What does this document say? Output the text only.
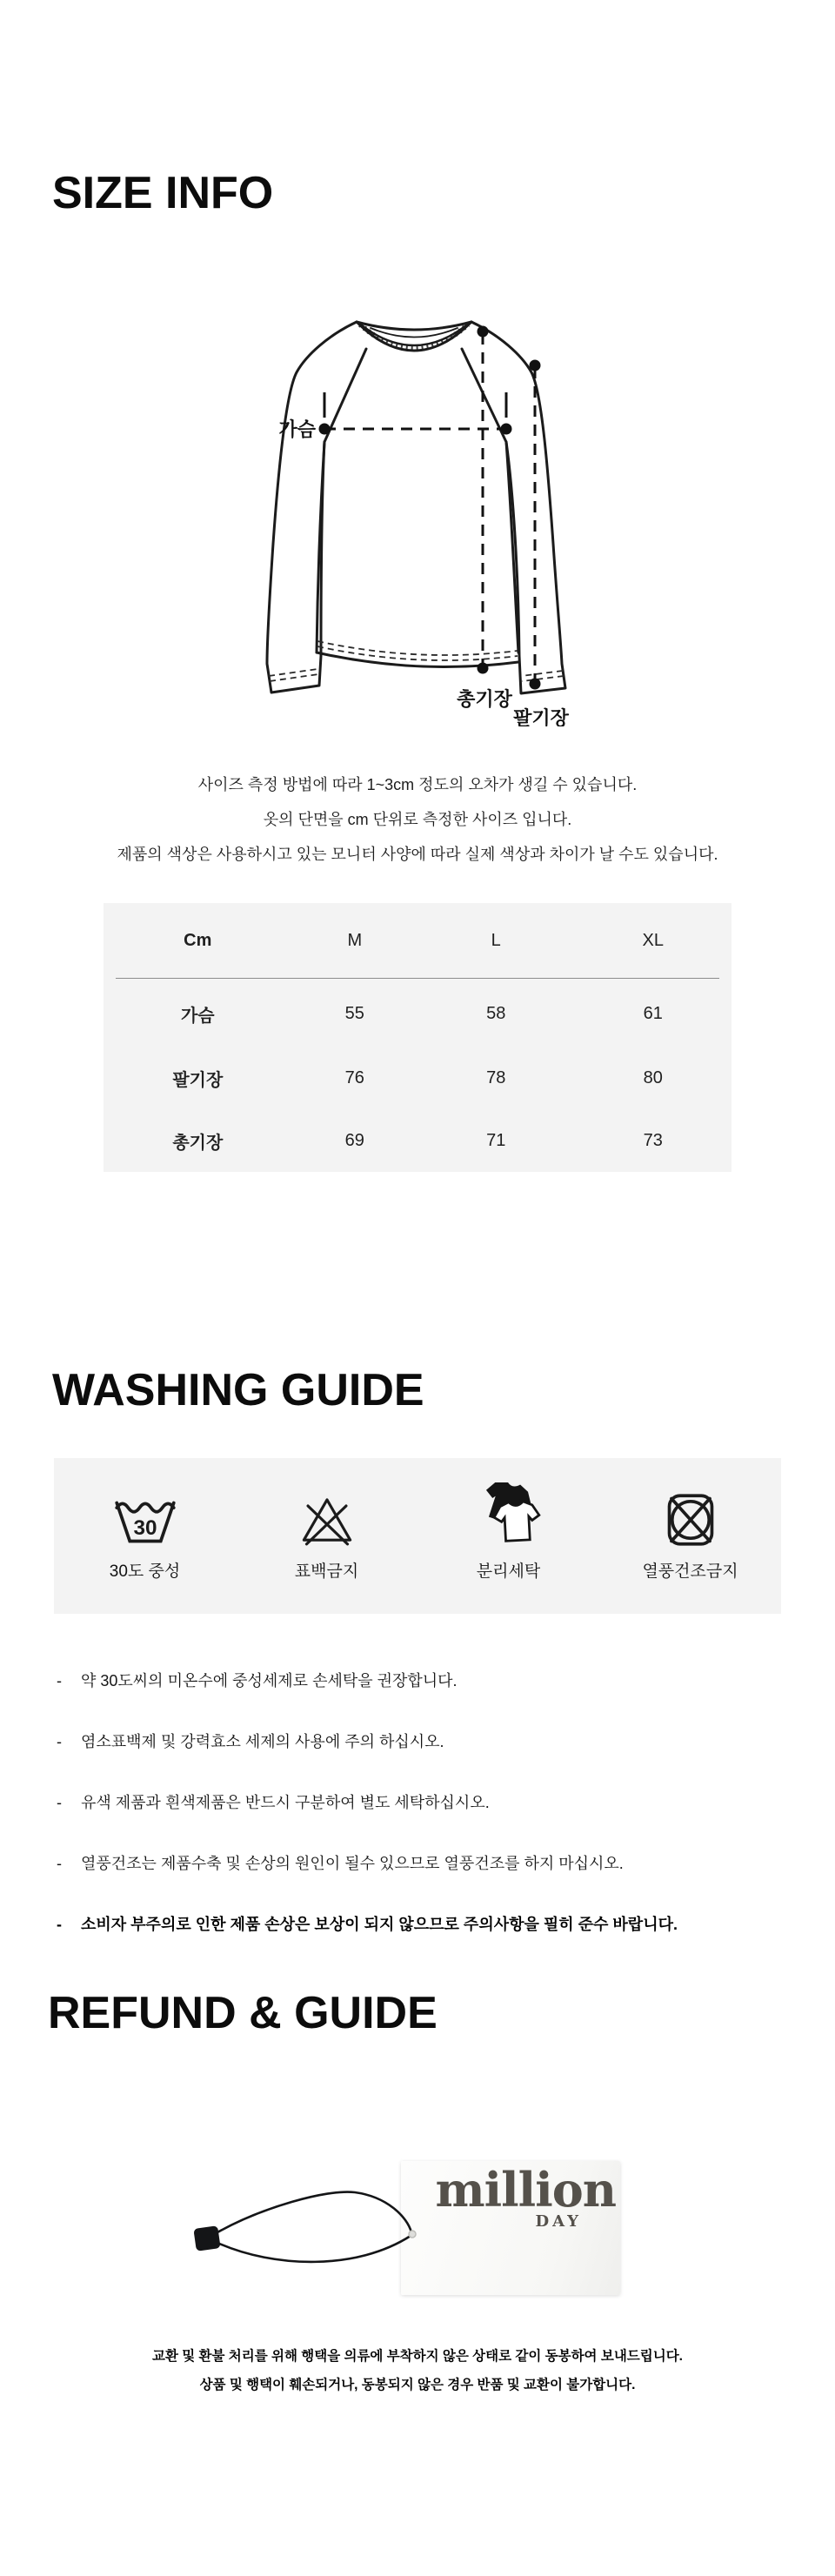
SIZE INFO
가슴
총기장
팔기장

사이즈 측정 방법에 따라 1~3cm 정도의 오차가 생길 수 있습니다.

옷의 단면을 cm 단위로 측정한 사이즈 입니다.

제품의 색상은 사용하시고 있는 모니터 사양에 따라 실제 색상과 차이가 날 수도 있습니다.

Cm	M	L	XL
가슴	55	58	61
팔기장	76	78	80
총기장	69	71	73
WASHING GUIDE
30
30도 중성	표백금지	분리세탁	열풍건조금지
-	약 30도씨의 미온수에 중성세제로 손세탁을 권장합니다.
-	염소표백제 및 강력효소 세제의 사용에 주의 하십시오.
-	유색 제품과 흰색제품은 반드시 구분하여 별도 세탁하십시오.
-	열풍건조는 제품수축 및 손상의 원인이 될수 있으므로 열풍건조를 하지 마십시오.
-	소비자 부주의로 인한 제품 손상은 보상이 되지 않으므로 주의사항을 필히 준수 바랍니다.
REFUND & GUIDE
million
DAY

교환 및 환불 처리를 위해 행택을 의류에 부착하지 않은 상태로 같이 동봉하여 보내드립니다.

상품 및 행택이 훼손되거나, 동봉되지 않은 경우 반품 및 교환이 불가합니다.
